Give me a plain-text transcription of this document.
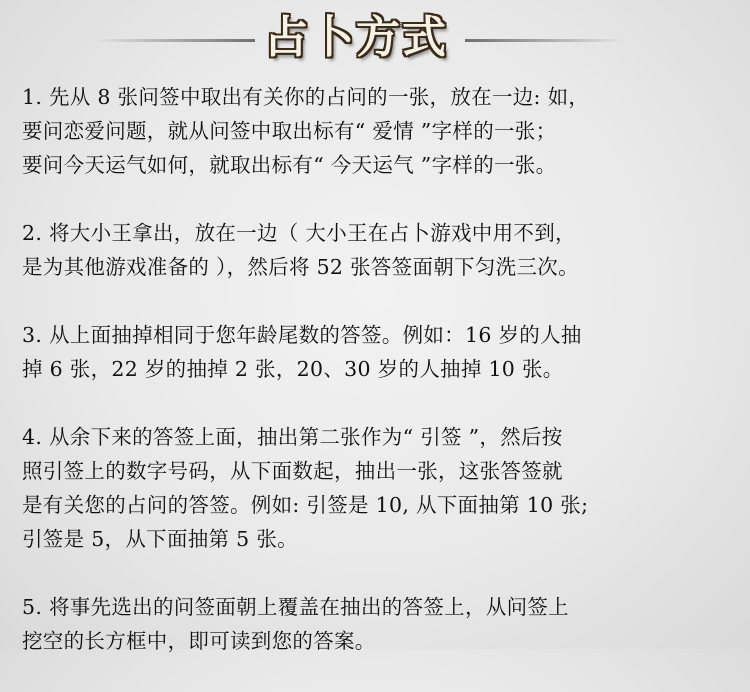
占卜方式
1. 先从 8 张问签中取出有关你的占问的一张，放在一边: 如，
要问恋爱问题，就从问签中取出标有“ 爱情 ”字样的一张；
要问今天运气如何，就取出标有“ 今天运气 ”字样的一张。
2. 将大小王拿出，放在一边（ 大小王在占卜游戏中用不到，
是为其他游戏准备的 ），然后将 52 张答签面朝下匀洗三次。
3. 从上面抽掉相同于您年龄尾数的答签。例如：16 岁的人抽
掉 6 张，22 岁的抽掉 2 张，20、30 岁的人抽掉 10 张。
4. 从余下来的答签上面，抽出第二张作为“ 引签 ”，然后按
照引签上的数字号码，从下面数起，抽出一张，这张答签就
是有关您的占问的答签。例如: 引签是 10, 从下面抽第 10 张;
引签是 5，从下面抽第 5 张。
5. 将事先选出的问签面朝上覆盖在抽出的答签上，从问签上
挖空的长方框中，即可读到您的答案。
